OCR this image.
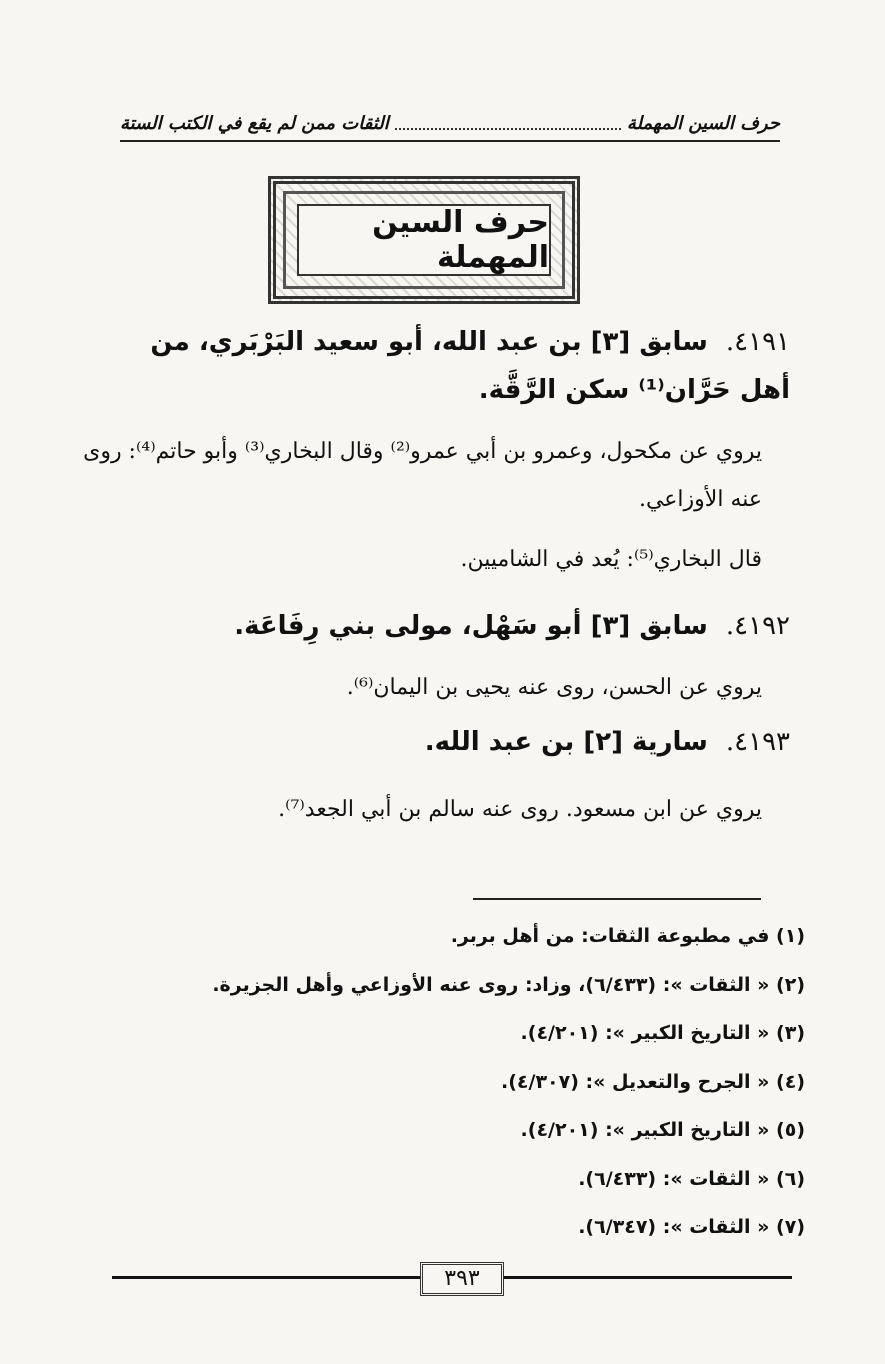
حرف السين المهملة
الثقات ممن لم يقع في الكتب الستة
حرف السين المهملة
٤١٩١.سابق [٣] بن عبد الله، أبو سعيد البَرْبَري، من أهل حَرَّان⁽¹⁾ سكن الرَّقَّة.
يروي عن مكحول، وعمرو بن أبي عمرو⁽²⁾ وقال البخاري⁽³⁾ وأبو حاتم⁽⁴⁾: روى عنه الأوزاعي.
قال البخاري⁽⁵⁾: يُعد في الشاميين.
٤١٩٢.سابق [٣] أبو سَهْل، مولى بني رِفَاعَة.
يروي عن الحسن، روى عنه يحيى بن اليمان⁽⁶⁾.
٤١٩٣.سارية [٢] بن عبد الله.
يروي عن ابن مسعود. روى عنه سالم بن أبي الجعد⁽⁷⁾.
(١) في مطبوعة الثقات: من أهل بربر.
(٢) « الثقات »: (٦/٤٣٣)، وزاد: روى عنه الأوزاعي وأهل الجزيرة.
(٣) « التاريخ الكبير »: (٤/٢٠١).
(٤) « الجرح والتعديل »: (٤/٣٠٧).
(٥) « التاريخ الكبير »: (٤/٢٠١).
(٦) « الثقات »: (٦/٤٣٣).
(٧) « الثقات »: (٦/٣٤٧).
٣٩٣
